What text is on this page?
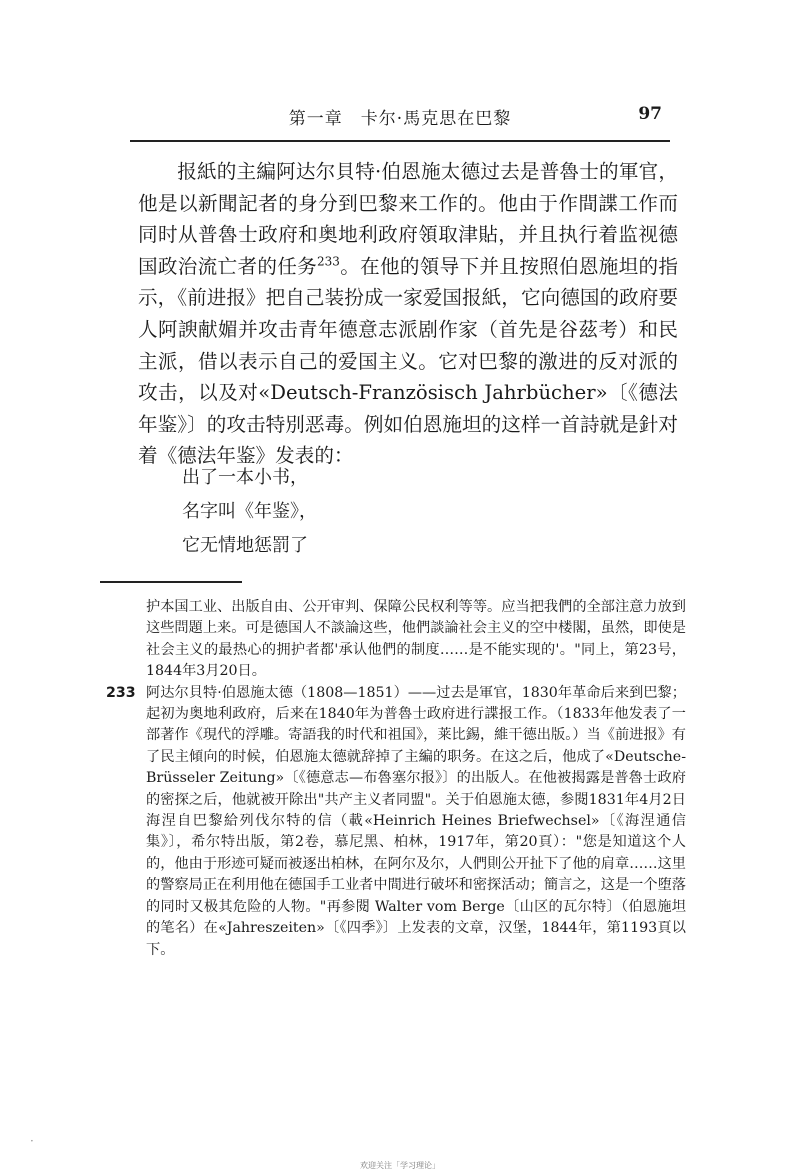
第一章　卡尔·馬克思在巴黎	97

报紙的主編阿达尔貝特·伯恩施太德过去是普魯士的軍官，他是以新聞記者的身分到巴黎来工作的。他由于作間諜工作而同时从普魯士政府和奥地利政府領取津貼，并且执行着监视德国政治流亡者的任务$^{233}$。在他的領导下并且按照伯恩施坦的指示，《前进报》把自己装扮成一家爱国报紙，它向德国的政府要人阿諛献媚并攻击青年德意志派剧作家（首先是谷茲考）和民主派，借以表示自己的爱国主义。它对巴黎的激进的反对派的攻击，以及对«Deutsch-Französisch Jahrbücher»〔《德法年鉴》〕的攻击特別恶毒。例如伯恩施坦的这样一首詩就是針对着《德法年鉴》发表的：

出了一本小书，
名字叫《年鉴》，
它无情地惩罰了
护本国工业、出版自由、公开审判、保障公民权利等等。应当把我們的全部注意力放到这些問題上来。可是德国人不談論这些，他們談論社会主义的空中楼閣，虽然，即使是社会主义的最热心的拥护者都'承认他們的制度……是不能实现的'。"同上，第23号，1844年3月20日。
233 阿达尔貝特·伯恩施太德（1808—1851）——过去是軍官，1830年革命后来到巴黎；起初为奥地利政府，后来在1840年为普魯士政府进行諜报工作。（1833年他发表了一部著作《現代的浮雕。寄語我的时代和祖国》，莱比錫，維干德出版。）当《前进报》有了民主傾向的时候，伯恩施太德就辞掉了主編的职务。在这之后，他成了«Deutsche-Brüsseler Zeitung»〔《德意志—布魯塞尔报》〕的出版人。在他被揭露是普魯士政府的密探之后，他就被开除出"共产主义者同盟"。关于伯恩施太德，参閱1831年4月2日海涅自巴黎給列伐尔特的信（載«Heinrich Heines Briefwechsel»〔《海涅通信集》〕，希尔特出版，第2卷，慕尼黑、柏林，1917年，第20頁）："您是知道这个人的，他由于形迹可疑而被逐出柏林，在阿尔及尔，人們則公开扯下了他的肩章……这里的警察局正在利用他在德国手工业者中間进行破坏和密探活动；簡言之，这是一个堕落的同时又极其危险的人物。"再参閱 Walter vom Berge〔山区的瓦尔特〕（伯恩施坦的笔名）在«Jahreszeiten»〔《四季》〕上发表的文章，汉堡，1844年，第1193頁以下。
·
欢迎关注「学习理论」
